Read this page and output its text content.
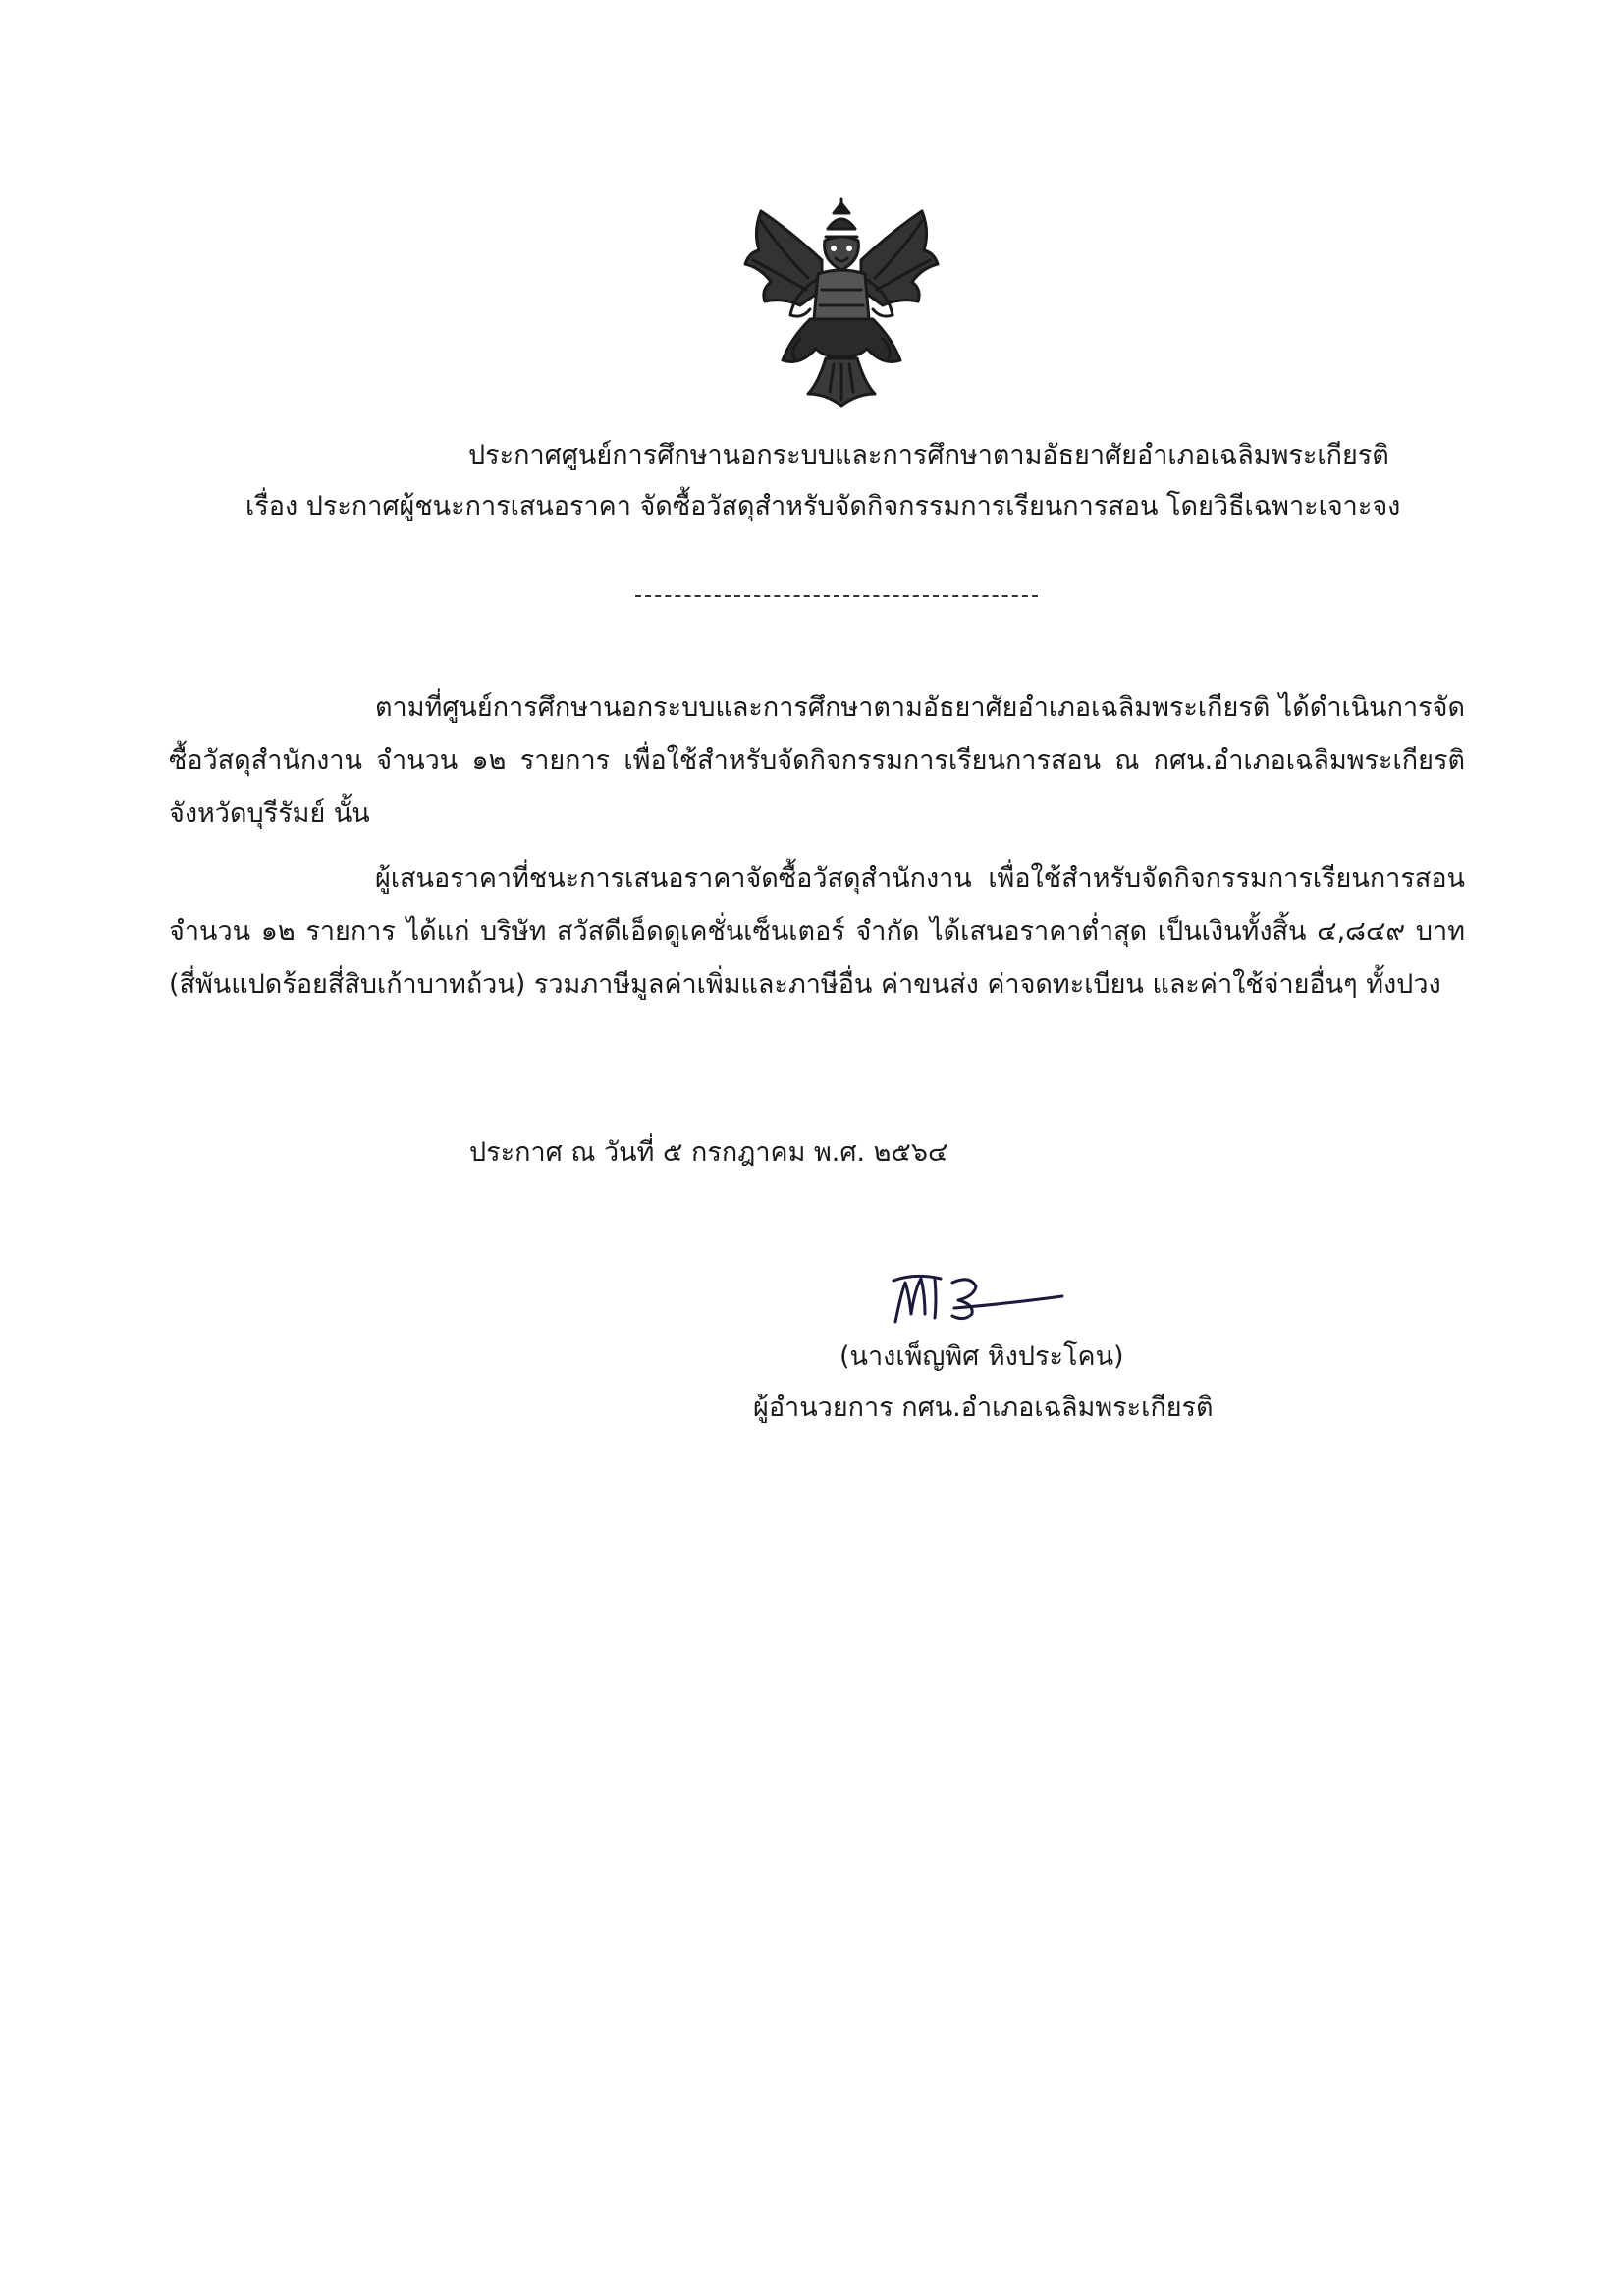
ประกาศศูนย์การศึกษานอกระบบและการศึกษาตามอัธยาศัยอำเภอเฉลิมพระเกียรติ
เรื่อง ประกาศผู้ชนะการเสนอราคา จัดซื้อวัสดุสำหรับจัดกิจกรรมการเรียนการสอน โดยวิธีเฉพาะเจาะจง
ตามที่ศูนย์การศึกษานอกระบบและการศึกษาตามอัธยาศัยอำเภอเฉลิมพระเกียรติ ได้ดำเนินการจัดซื้อวัสดุสำนักงาน จำนวน ๑๒ รายการ เพื่อใช้สำหรับจัดกิจกรรมการเรียนการสอน ณ กศน.อำเภอเฉลิมพระเกียรติ จังหวัดบุรีรัมย์ นั้น
ผู้เสนอราคาที่ชนะการเสนอราคาจัดซื้อวัสดุสำนักงาน เพื่อใช้สำหรับจัดกิจกรรมการเรียนการสอน จำนวน ๑๒ รายการ ได้แก่ บริษัท สวัสดีเอ็ดดูเคชั่นเซ็นเตอร์ จำกัด ได้เสนอราคาต่ำสุด เป็นเงินทั้งสิ้น ๔,๘๔๙ บาท (สี่พันแปดร้อยสี่สิบเก้าบาทถ้วน) รวมภาษีมูลค่าเพิ่มและภาษีอื่น ค่าขนส่ง ค่าจดทะเบียน และค่าใช้จ่ายอื่นๆ ทั้งปวง
ประกาศ ณ วันที่ ๕ กรกฎาคม พ.ศ. ๒๕๖๔
(นางเพ็ญพิศ หิงประโคน)
ผู้อำนวยการ กศน.อำเภอเฉลิมพระเกียรติ
